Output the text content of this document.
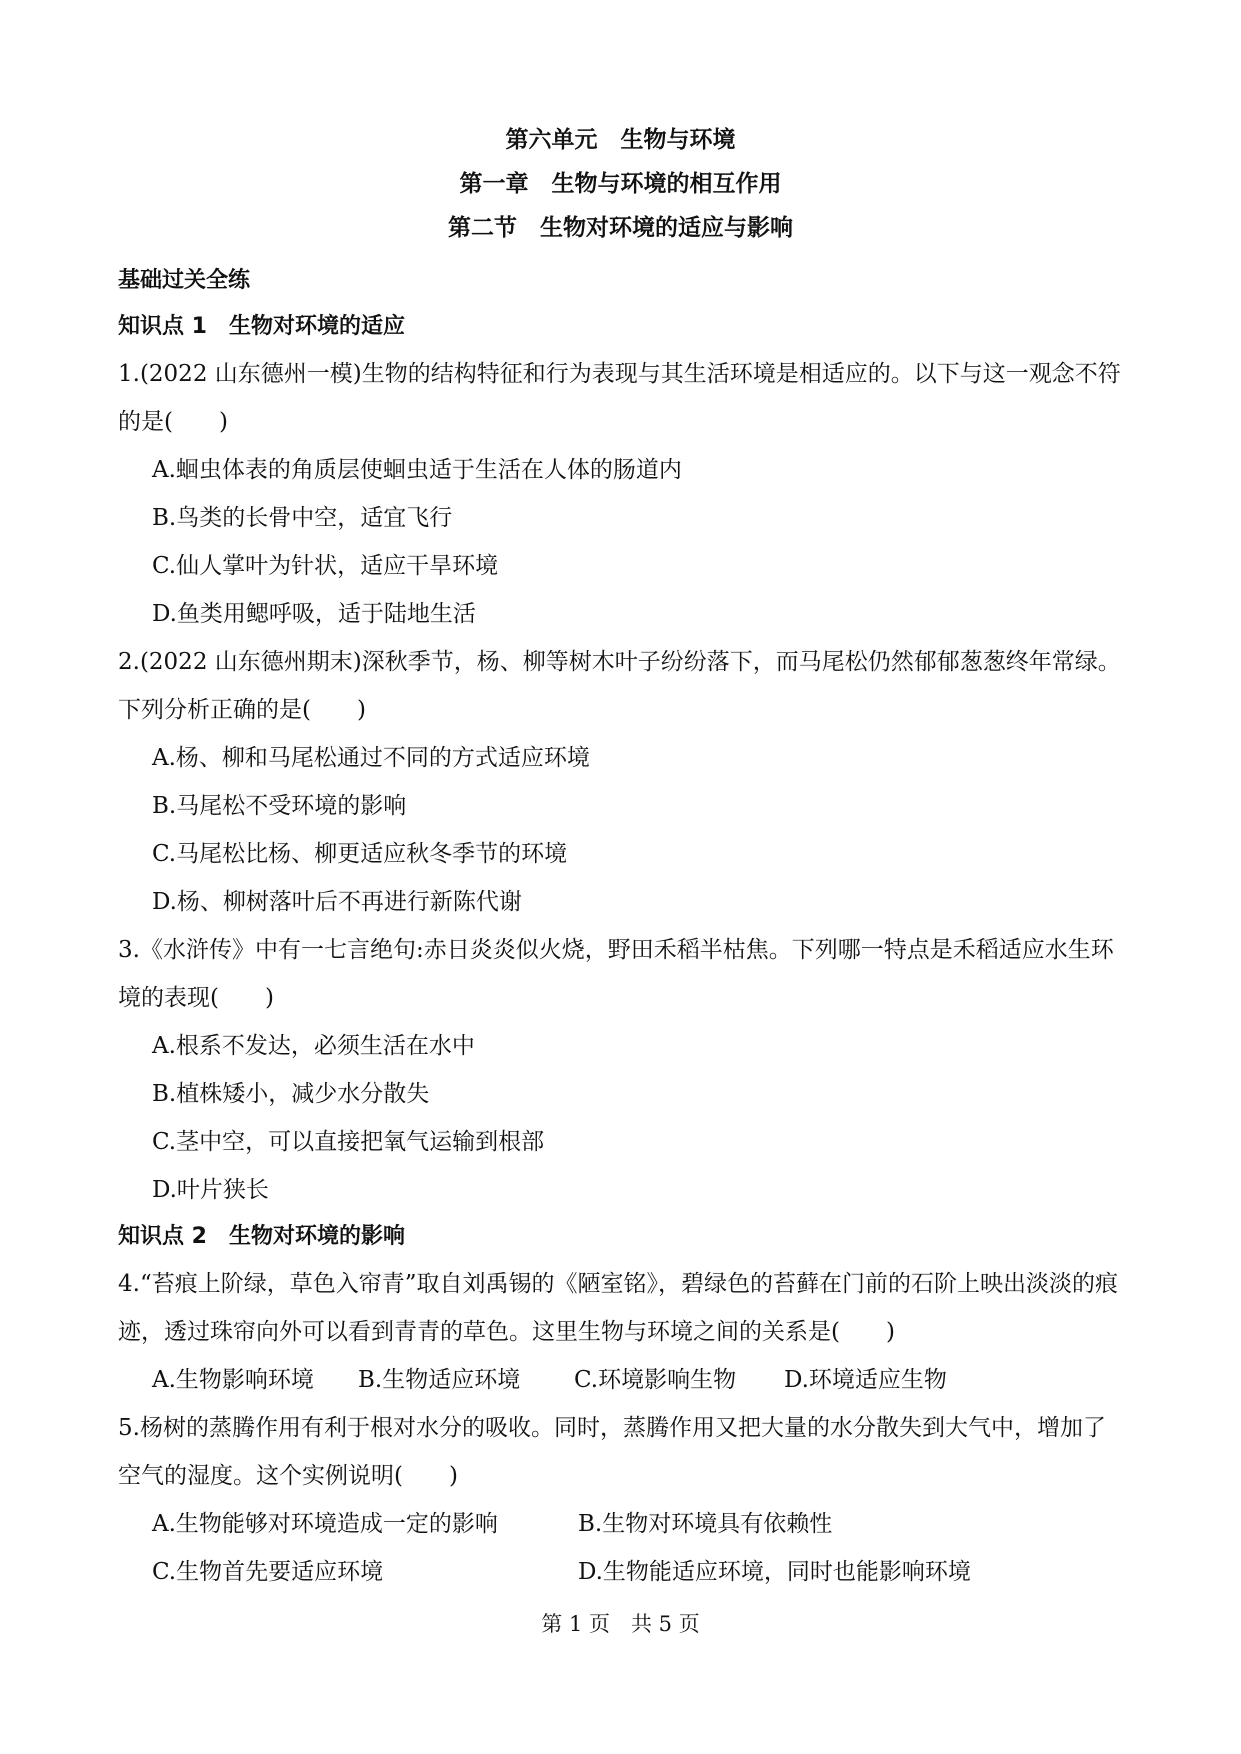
第六单元　生物与环境
第一章　生物与环境的相互作用
第二节　生物对环境的适应与影响
基础过关全练
知识点 1　生物对环境的适应
1.(2022 山东德州一模)生物的结构特征和行为表现与其生活环境是相适应的。以下与这一观念不符的是(　　)
A.蛔虫体表的角质层使蛔虫适于生活在人体的肠道内
B.鸟类的长骨中空，适宜飞行
C.仙人掌叶为针状，适应干旱环境
D.鱼类用鳃呼吸，适于陆地生活
2.(2022 山东德州期末)深秋季节，杨、柳等树木叶子纷纷落下，而马尾松仍然郁郁葱葱终年常绿。下列分析正确的是(　　)
A.杨、柳和马尾松通过不同的方式适应环境
B.马尾松不受环境的影响
C.马尾松比杨、柳更适应秋冬季节的环境
D.杨、柳树落叶后不再进行新陈代谢
3.《水浒传》中有一七言绝句:赤日炎炎似火烧，野田禾稻半枯焦。下列哪一特点是禾稻适应水生环境的表现(　　)
A.根系不发达，必须生活在水中
B.植株矮小，减少水分散失
C.茎中空，可以直接把氧气运输到根部
D.叶片狭长
知识点 2　生物对环境的影响
4.“苔痕上阶绿，草色入帘青”取自刘禹锡的《陋室铭》，碧绿色的苔藓在门前的石阶上映出淡淡的痕迹，透过珠帘向外可以看到青青的草色。这里生物与环境之间的关系是(　　)
A.生物影响环境	B.生物适应环境	C.环境影响生物	D.环境适应生物
5.杨树的蒸腾作用有利于根对水分的吸收。同时，蒸腾作用又把大量的水分散失到大气中，增加了空气的湿度。这个实例说明(　　)
A.生物能够对环境造成一定的影响	B.生物对环境具有依赖性
C.生物首先要适应环境	D.生物能适应环境，同时也能影响环境
第 1 页　共 5 页
